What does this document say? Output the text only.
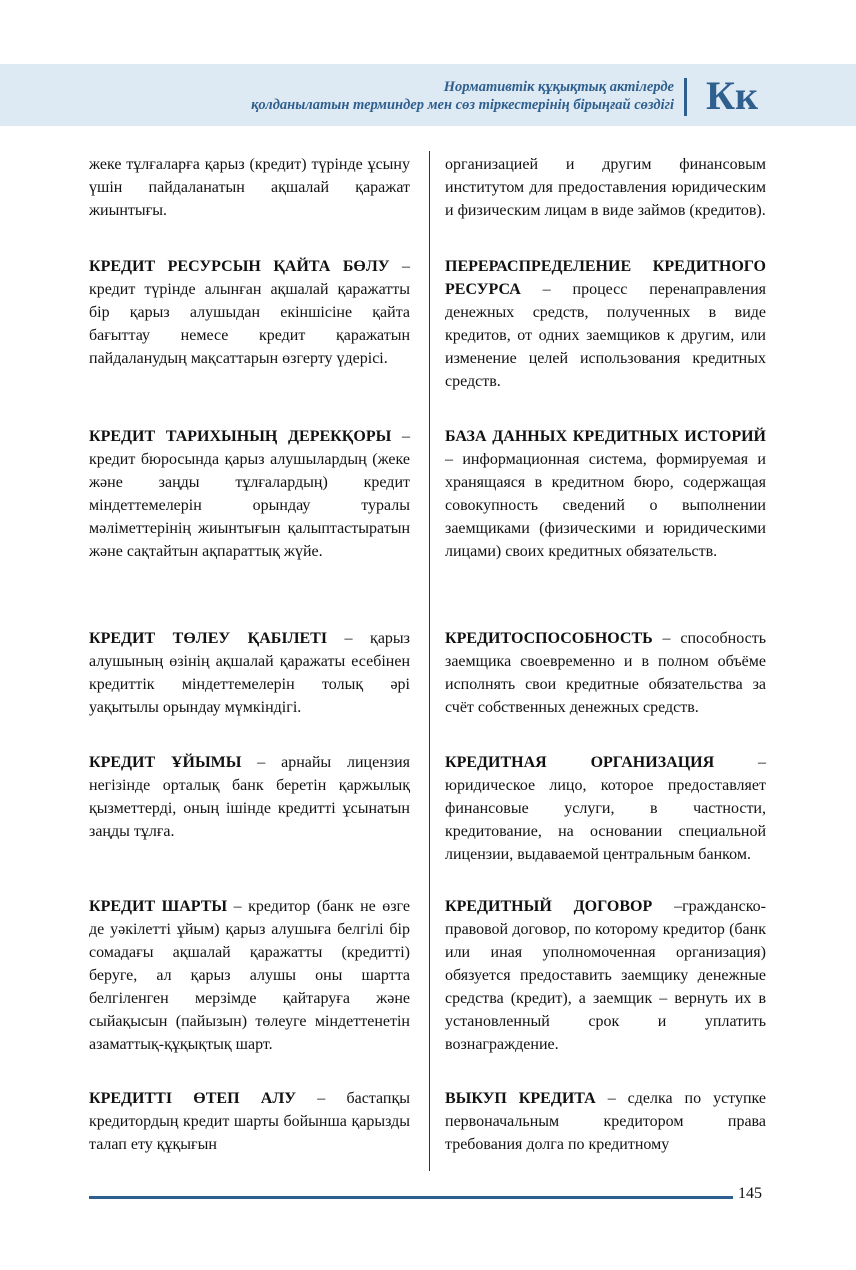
Нормативтік құқықтық актілерде
қолданылатын терминдер мен сөз тіркестерінің бірыңғай сөздігі Кк

жеке тұлғаларға қарыз (кредит) түрінде ұсыну үшін пайдаланатын ақшалай қаражат жиынтығы.

КРЕДИТ РЕСУРСЫН ҚАЙТА БӨЛУ – кредит түрінде алынған ақшалай қаражатты бір қарыз алушыдан екіншісіне қайта бағыттау немесе кредит қаражатын пайдаланудың мақсаттарын өзгерту үдерісі.

КРЕДИТ ТАРИХЫНЫҢ ДЕРЕКҚОРЫ – кредит бюросында қарыз алушылардың (жеке және заңды тұлғалардың) кредит міндеттемелерін орындау туралы мәліметтерінің жиынтығын қалыптастыратын және сақтайтын ақпараттық жүйе.

КРЕДИТ ТӨЛЕУ ҚАБІЛЕТІ – қарыз алушының өзінің ақшалай қаражаты есебінен кредиттік міндеттемелерін толық әрі уақытылы орындау мүмкіндігі.

КРЕДИТ ҰЙЫМЫ – арнайы лицензия негізінде орталық банк беретін қаржылық қызметтерді, оның ішінде кредитті ұсынатын заңды тұлға.

КРЕДИТ ШАРТЫ – кредитор (банк не өзге де уәкілетті ұйым) қарыз алушыға белгілі бір сомадағы ақшалай қаражатты (кредитті) беруге, ал қарыз алушы оны шартта белгіленген мерзімде қайтаруға және сыйақысын (пайызын) төлеуге міндеттенетін азаматтық-құқықтық шарт.

КРЕДИТТІ ӨТЕП АЛУ – бастапқы кредитордың кредит шарты бойынша қарызды талап ету құқығын

организацией и другим финансовым институтом для предоставления юридическим и физическим лицам в виде займов (кредитов).

ПЕРЕРАСПРЕДЕЛЕНИЕ КРЕДИТНОГО РЕСУРСА – процесс перенаправления денежных средств, полученных в виде кредитов, от одних заемщиков к другим, или изменение целей использования кредитных средств.

БАЗА ДАННЫХ КРЕДИТНЫХ ИСТОРИЙ – информационная система, формируемая и хранящаяся в кредитном бюро, содержащая совокупность сведений о выполнении заемщиками (физическими и юридическими лицами) своих кредитных обязательств.

КРЕДИТОСПОСОБНОСТЬ – способность заемщика своевременно и в полном объёме исполнять свои кредитные обязательства за счёт собственных денежных средств.

КРЕДИТНАЯ ОРГАНИЗАЦИЯ – юридическое лицо, которое предоставляет финансовые услуги, в частности, кредитование, на основании специальной лицензии, выдаваемой центральным банком.

КРЕДИТНЫЙ ДОГОВОР –гражданско-правовой договор, по которому кредитор (банк или иная уполномоченная организация) обязуется предоставить заемщику денежные средства (кредит), а заемщик – вернуть их в установленный срок и уплатить вознаграждение.

ВЫКУП КРЕДИТА – сделка по уступке первоначальным кредитором права требования долга по кредитному

145
